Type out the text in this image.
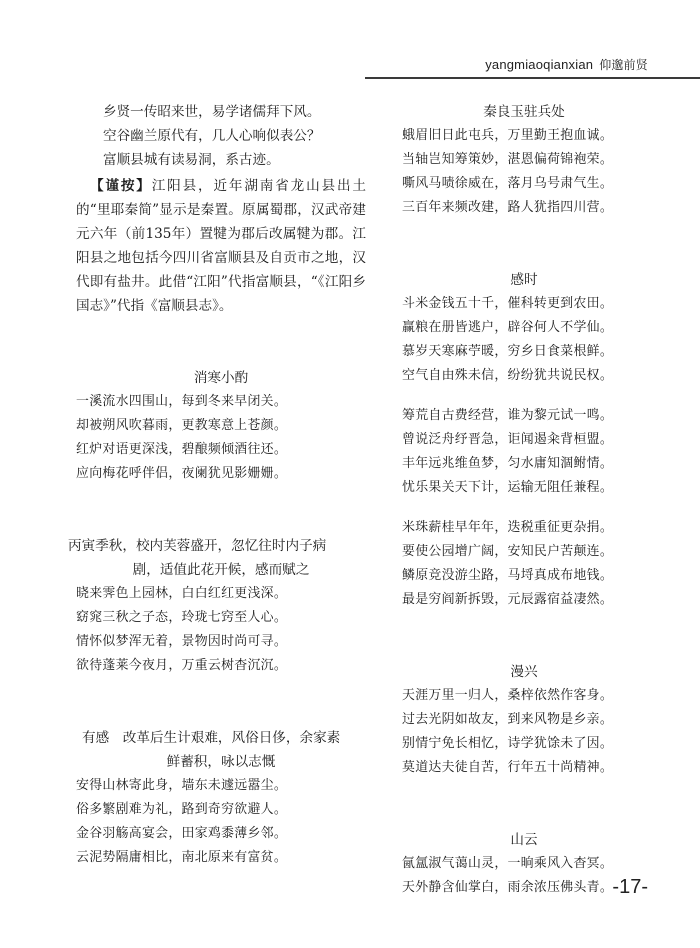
yangmiaoqianxian 仰邈前贤
乡贤一传昭来世，易学诸儒拜下风。
空谷幽兰原代有，几人心响似表公？
富顺县城有读易洞，系古迹。
【谨按】江阳县，近年湖南省龙山县出土的“里耶秦简”显示是秦置。原属蜀郡，汉武帝建元六年（前135年）置犍为郡后改属犍为郡。江阳县之地包括今四川省富顺县及自贡市之地，汉代即有盐井。此借“江阳”代指富顺县，“《江阳乡国志》”代指《富顺县志》。
消寒小酌
一溪流水四围山，每到冬来早闭关。
却被朔风吹暮雨，更教寒意上苍颜。
红炉对语更深浅，碧酿频倾酒往还。
应向梅花呼伴侣，夜阑犹见影姗姗。
丙寅季秋，校内芙蓉盛开，忽忆往时内子病
剧，适值此花开候，感而赋之
晓来霁色上园林，白白红红更浅深。
窈窕三秋之子态，玲珑七窍至人心。
情怀似梦浑无着，景物因时尚可寻。
欲待蓬莱今夜月，万重云树杳沉沉。
有感　改革后生计艰难，风俗日侈，余家素
鲜蓄积，咏以志慨
安得山林寄此身，墙东未遽远嚣尘。
俗多繁剧难为礼，路到奇穷欲避人。
金谷羽觞高宴会，田家鸡黍薄乡邻。
云泥势隔庸相比，南北原来有富贫。
秦良玉驻兵处
蛾眉旧日此屯兵，万里勤王抱血诚。
当轴岂知筹策妙，湛恩偏荷锦袍荣。
嘶风马啧徐威在，落月乌号肃气生。
三百年来频改建，路人犹指四川营。
感时
斗米金钱五十千，催科转更到农田。
赢粮在册皆逃户，辟谷何人不学仙。
慕岁天寒麻苧暖，穷乡日食菜根鲜。
空气自由殊未信，纷纷犹共说民权。
筹荒自古费经营，谁为黎元试一鸣。
曾说泛舟纾晋急，讵闻遏籴背桓盟。
丰年远兆维鱼梦，匀水庸知涸鲋情。
忧乐果关天下计，运输无阻任兼程。
米珠薪桂早年年，迭税重征更杂捐。
要使公园增广阔，安知民户苦颠连。
鳞原竞没游尘路，马埒真成布地钱。
最是穷阎新拆毁，元辰露宿益凄然。
漫兴
天涯万里一归人，桑梓依然作客身。
过去光阴如故友，到来风物是乡亲。
别情宁免长相忆，诗学犹馀未了因。
莫道达夫徒自苦，行年五十尚精神。
山云
氤氲淑气蔼山灵，一晌乘风入杳冥。
天外静含仙掌白，雨余浓压佛头青。 -17-
